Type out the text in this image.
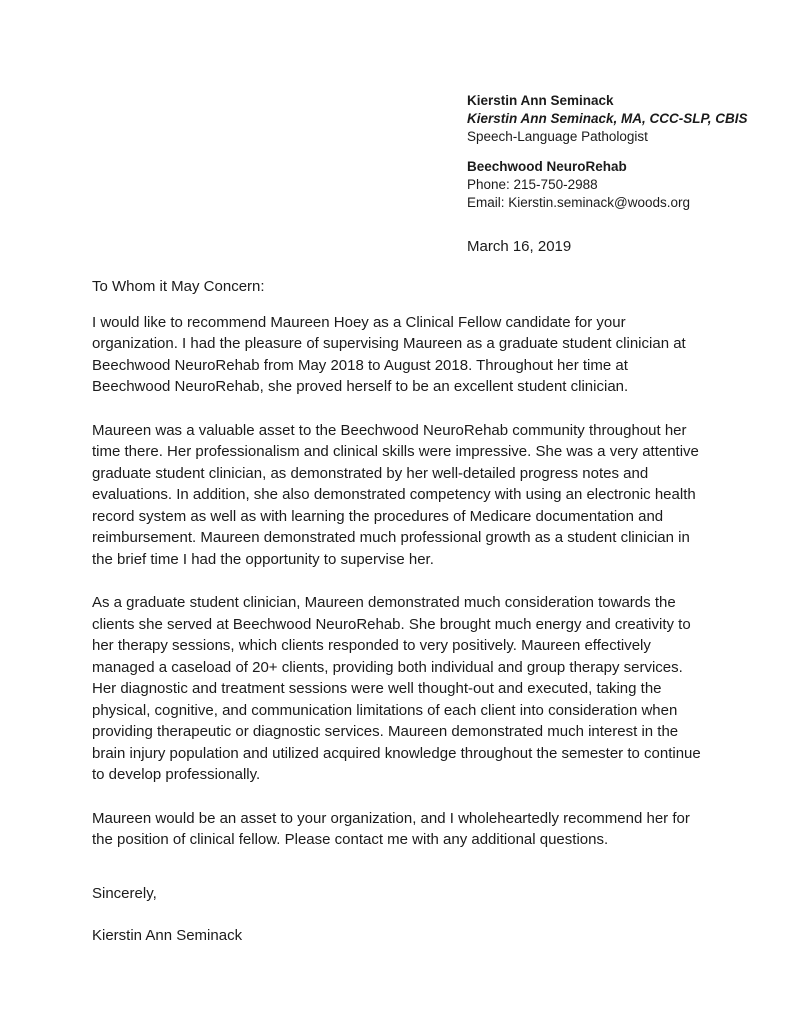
Kierstin Ann Seminack
Kierstin Ann Seminack, MA, CCC-SLP, CBIS
Speech-Language Pathologist
Beechwood NeuroRehab
Phone: 215-750-2988
Email: Kierstin.seminack@woods.org
March 16, 2019

To Whom it May Concern:

I would like to recommend Maureen Hoey as a Clinical Fellow candidate for your organization. I had the pleasure of supervising Maureen as a graduate student clinician at Beechwood NeuroRehab from May 2018 to August 2018. Throughout her time at Beechwood NeuroRehab, she proved herself to be an excellent student clinician.

Maureen was a valuable asset to the Beechwood NeuroRehab community throughout her time there. Her professionalism and clinical skills were impressive. She was a very attentive graduate student clinician, as demonstrated by her well-detailed progress notes and evaluations. In addition, she also demonstrated competency with using an electronic health record system as well as with learning the procedures of Medicare documentation and reimbursement. Maureen demonstrated much professional growth as a student clinician in the brief time I had the opportunity to supervise her.

As a graduate student clinician, Maureen demonstrated much consideration towards the clients she served at Beechwood NeuroRehab. She brought much energy and creativity to her therapy sessions, which clients responded to very positively. Maureen effectively managed a caseload of 20+ clients, providing both individual and group therapy services. Her diagnostic and treatment sessions were well thought-out and executed, taking the physical, cognitive, and communication limitations of each client into consideration when providing therapeutic or diagnostic services. Maureen demonstrated much interest in the brain injury population and utilized acquired knowledge throughout the semester to continue to develop professionally.

Maureen would be an asset to your organization, and I wholeheartedly recommend her for the position of clinical fellow. Please contact me with any additional questions.

Sincerely,

Kierstin Ann Seminack
